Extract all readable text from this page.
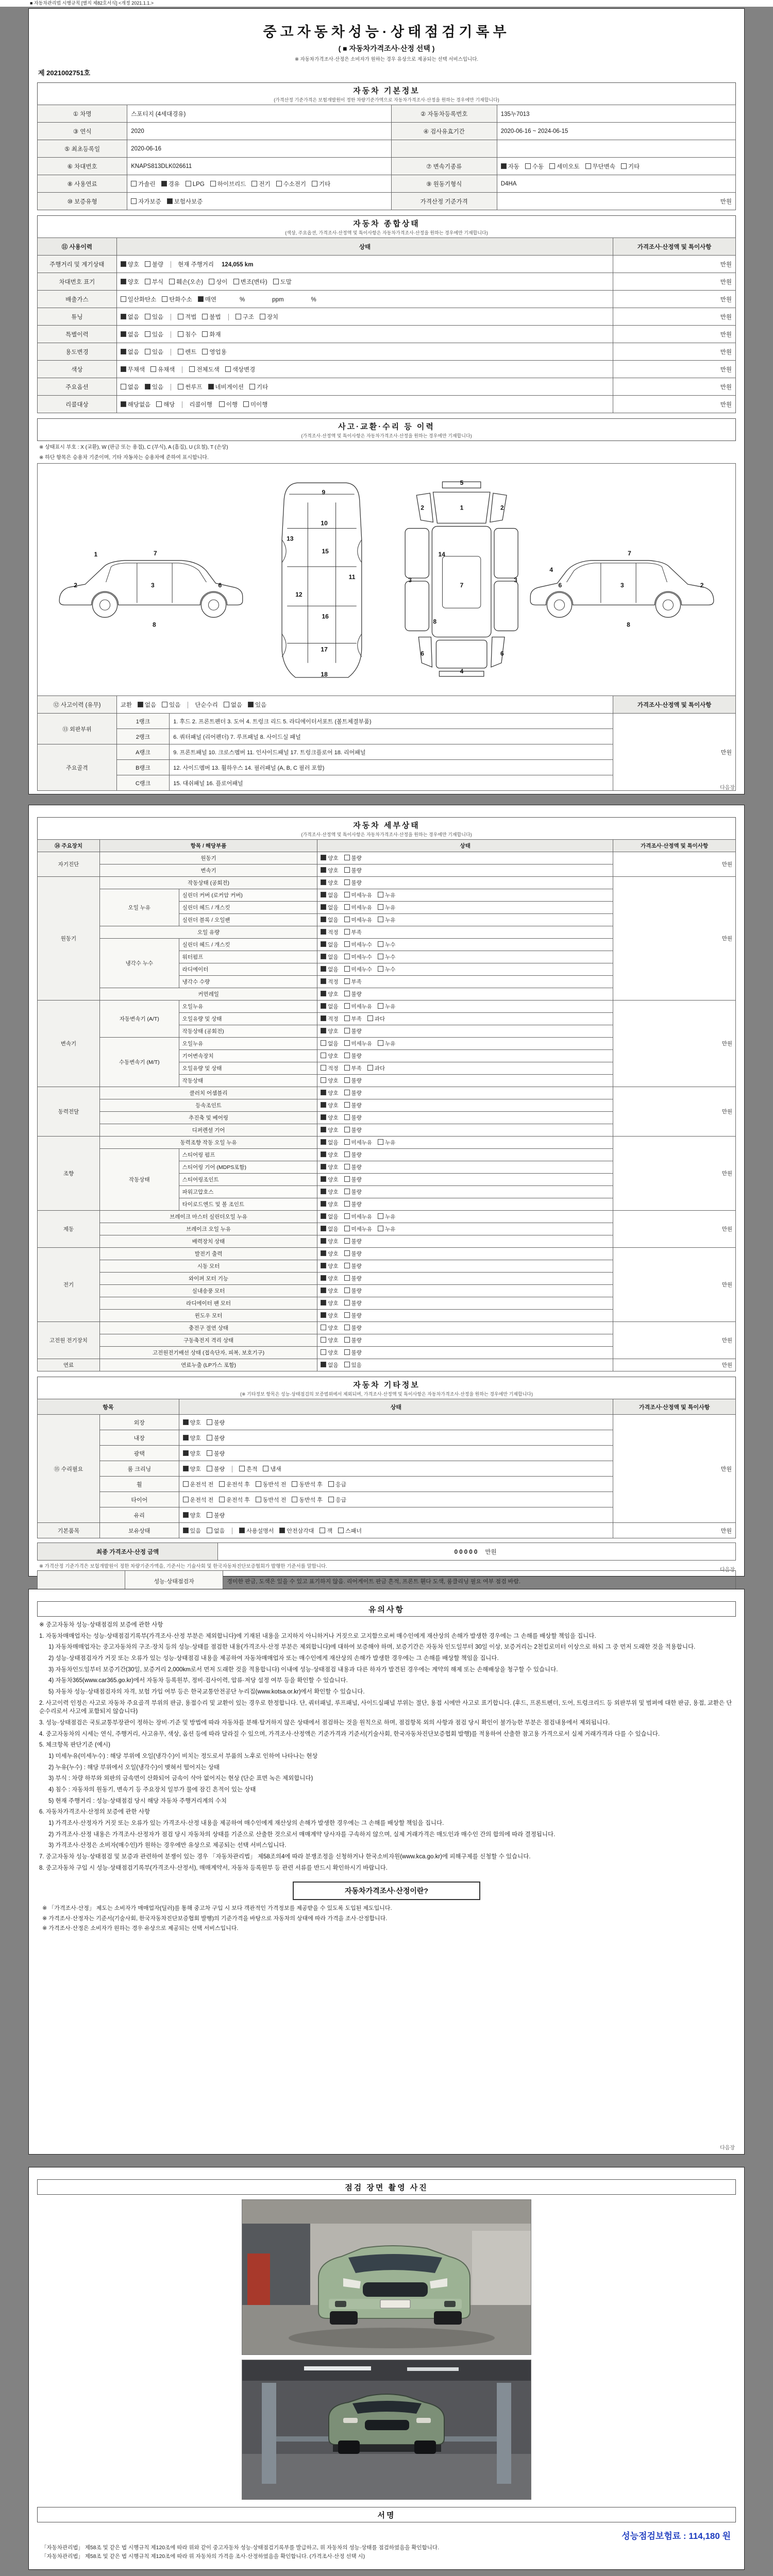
■ 자동차관리법 시행규칙 [별지 제82호서식] <개정 2021.1.1.>
중고자동차성능·상태점검기록부
( ■ 자동차가격조사·산정 선택 )
※ 자동차가격조사·산정은 소비자가 원하는 경우 유상으로 제공되는 선택 서비스입니다.
제 2021002751호
자동차 기본정보
(가격산정 기준가격은 보험개발원이 정한 차량기준가액으로 자동차가격조사·산정을 원하는 경우에만 기재합니다)
① 차명	스포티지 (4세대경유)	② 자동차등록번호	135누7013
③ 연식	2020	④ 검사유효기간	2020-06-16 ~ 2024-06-15
⑤ 최초등록일	2020-06-16		
⑥ 차대번호	KNAPS813DLK026611	⑦ 변속기종류	자동 수동 세미오토 무단변속 기타
⑧ 사용연료	가솔린 경유 LPG 하이브리드 전기 수소전기 기타	⑨ 원동기형식	D4HA
⑩ 보증유형	자가보증 보험사보증	가격산정 기준가격	만원
자동차 종합상태
(색상, 주요옵션, 가격조사·산정액 및 특이사항은 자동차가격조사·산정을 원하는 경우에만 기재합니다)
⑪ 사용이력	상태	가격조사·산정액 및 특이사항
주행거리 및 계기상태	양호 불량 현재 주행거리 124,055 km	만원
차대번호 표기	양호 부식 훼손(오손) 상이 변조(변타) 도말	만원
배출가스	일산화탄소 탄화수소 매연 % ppm %	만원
튜닝	없음 있음 적법 불법 구조 장치	만원
특별이력	없음 있음 침수 화재	만원
용도변경	없음 있음 렌트 영업용	만원
색상	무채색 유채색 전체도색 색상변경	만원
주요옵션	없음 있음 썬루프 네비게이션 기타	만원
리콜대상	해당없음 해당 리콜이행 이행 미이행	만원
사고·교환·수리 등 이력
(가격조사·산정액 및 특이사항은 자동차가격조사·산정을 원하는 경우에만 기재합니다)
※ 상태표시 부호 : X (교환), W (판금 또는 용접), C (부식), A (흠집), U (요철), T (손상)
※ 하단 항목은 승용차 기준이며, 기타 자동차는 승용차에 준하여 표시합니다.
1	7
2	3	6
8
9
10
13
15
11
12
16
17
18
5
1
2	2
14
3	3
7
8
6	6
4
4
6	3	2
7
8
⑫ 사고이력 (유무)	교환 없음 있음 단순수리 없음 있음	가격조사·산정액 및 특이사항
⑬ 외판부위	1랭크	1. 후드 2. 프론트펜더 3. 도어 4. 트렁크 리드 5. 라디에이터서포트 (볼트체결부품)	만원
	2랭크	6. 쿼터패널 (리어펜더) 7. 루프패널 8. 사이드실 패널	
주요골격	A랭크	9. 프론트패널 10. 크로스멤버 11. 인사이드패널 17. 트렁크플로어 18. 리어패널	
	B랭크	12. 사이드멤버 13. 휠하우스 14. 필러패널 (A, B, C 필러 포함)	
	C랭크	15. 대쉬패널 16. 플로어패널	
다음장
자동차 세부상태
(가격조사·산정액 및 특이사항은 자동차가격조사·산정을 원하는 경우에만 기재합니다)
⑭ 주요장치	항목 / 해당부품		상태	가격조사·산정액 및 특이사항
자기진단	원동기		양호 불량	만원
	변속기		양호 불량	
원동기	작동상태 (공회전)		양호 불량	만원
	오일 누유	실린더 커버 (로커암 커버)	없음 미세누유 누유	
		실린더 헤드 / 개스킷	없음 미세누유 누유	
		실린더 블록 / 오일팬	없음 미세누유 누유	
	오일 유량		적정 부족	
	냉각수 누수	실린더 헤드 / 개스킷	없음 미세누수 누수	
		워터펌프	없음 미세누수 누수	
		라디에이터	없음 미세누수 누수	
		냉각수 수량	적정 부족	
	커먼레일		양호 불량	
변속기	자동변속기 (A/T)	오일누유	없음 미세누유 누유	만원
		오일유량 및 상태	적정 부족 과다	
		작동상태 (공회전)	양호 불량	
	수동변속기 (M/T)	오일누유	없음 미세누유 누유	
		기어변속장치	양호 불량	
		오일유량 및 상태	적정 부족 과다	
		작동상태	양호 불량	
동력전달	클러치 어셈블리		양호 불량	만원
	등속조인트		양호 불량	
	추진축 및 베어링		양호 불량	
	디퍼렌셜 기어		양호 불량	
조향	동력조향 작동 오일 누유		없음 미세누유 누유	만원
	작동상태	스티어링 펌프	양호 불량	
		스티어링 기어 (MDPS포함)	양호 불량	
		스티어링조인트	양호 불량	
		파워고압호스	양호 불량	
		타이로드엔드 및 볼 조인트	양호 불량	
제동	브레이크 마스터 실린더오일 누유		없음 미세누유 누유	만원
	브레이크 오일 누유		없음 미세누유 누유	
	배력장치 상태		양호 불량	
전기	발전기 출력		양호 불량	만원
	시동 모터		양호 불량	
	와이퍼 모터 기능		양호 불량	
	실내송풍 모터		양호 불량	
	라디에이터 팬 모터		양호 불량	
	윈도우 모터		양호 불량	
고전원 전기장치	충전구 절연 상태		양호 불량	만원
	구동축전지 격리 상태		양호 불량	
	고전원전기배선 상태 (접속단자, 피복, 보호기구)		양호 불량	
연료	연료누출 (LP가스 포함)		없음 있음	만원
자동차 기타정보
(※ 기타정보 항목은 성능·상태점검의 보증범위에서 제외되며, 가격조사·산정액 및 특이사항은 자동차가격조사·산정을 원하는 경우에만 기재합니다)
항목		상태	가격조사·산정액 및 특이사항
⑮ 수리필요	외장	양호 불량	만원
	내장	양호 불량	
	광택	양호 불량	
	룸 크리닝	양호 불량 흔적 냄새	
	휠	운전석 전 운전석 후 동반석 전 동반석 후 응급	
	타이어	운전석 전 운전석 후 동반석 전 동반석 후 응급	
	유리	양호 불량	
기본품목	보유상태	있음 없음 사용설명서 안전삼각대 잭 스패너	만원
최종 가격조사·산정 금액	0 0 0 0 0 만원
※ 가격산정 기준가격은 보험개발원이 정한 차량기준가액을, 기준서는 기술사회 및 한국자동차진단보증협회가 발행한 기준서를 말합니다.
	성능·상태점검자	경미한 판금, 도색은 있을 수 있고 표기하지 않음. 리어게이트 판금 흔적, 프론트 휀다 도색, 룸클리닝 필요 여부 점검 바람.

다음장
유의사항

※ 중고자동차 성능·상태점검의 보증에 관한 사항

1. 자동차매매업자는 성능·상태점검기록부(가격조사·산정 부분은 제외합니다)에 기재된 내용을 고지하지 아니하거나 거짓으로 고지함으로써 매수인에게 재산상의 손해가 발생한 경우에는 그 손해를 배상할 책임을 집니다.

1) 자동차매매업자는 중고자동차의 구조·장치 등의 성능·상태를 점검한 내용(가격조사·산정 부분은 제외합니다)에 대하여 보증해야 하며, 보증기간은 자동차 인도일부터 30일 이상, 보증거리는 2천킬로미터 이상으로 하되 그 중 먼저 도래한 것을 적용합니다.

2) 성능·상태점검자가 거짓 또는 오류가 있는 성능·상태점검 내용을 제공하여 자동차매매업자 또는 매수인에게 재산상의 손해가 발생한 경우에는 그 손해를 배상할 책임을 집니다.

3) 자동차인도일부터 보증기간(30일, 보증거리 2,000km로서 먼저 도래한 것을 적용합니다) 이내에 성능·상태점검 내용과 다른 하자가 발견된 경우에는 계약의 해제 또는 손해배상을 청구할 수 있습니다.

4) 자동차365(www.car365.go.kr)에서 자동차 등록원부, 정비·검사이력, 압류·저당 설정 여부 등을 확인할 수 있습니다.

5) 자동차 성능·상태점검자의 자격, 보험 가입 여부 등은 한국교통안전공단 누리집(www.kotsa.or.kr)에서 확인할 수 있습니다.

2. 사고이력 인정은 사고로 자동차 주요골격 부위의 판금, 용접수리 및 교환이 있는 경우로 한정합니다. 단, 쿼터패널, 루프패널, 사이드실패널 부위는 절단, 용접 시에만 사고로 표기합니다. (후드, 프론트펜더, 도어, 트렁크리드 등 외판부위 및 범퍼에 대한 판금, 용접, 교환은 단순수리로서 사고에 포함되지 않습니다)

3. 성능·상태점검은 국토교통부장관이 정하는 장비·기준 및 방법에 따라 자동차를 분해·탈거하지 않은 상태에서 점검하는 것을 원칙으로 하며, 점검항목 외의 사항과 점검 당시 확인이 불가능한 부분은 점검내용에서 제외됩니다.

4. 중고자동차의 시세는 연식, 주행거리, 사고유무, 색상, 옵션 등에 따라 달라질 수 있으며, 가격조사·산정액은 기준가격과 기준서(기술사회, 한국자동차진단보증협회 발행)를 적용하여 산출한 참고용 가격으로서 실제 거래가격과 다를 수 있습니다.

5. 체크항목 판단기준 (예시)

1) 미세누유(미세누수) : 해당 부위에 오일(냉각수)이 비치는 정도로서 부품의 노후로 인하여 나타나는 현상

2) 누유(누수) : 해당 부위에서 오일(냉각수)이 맺혀서 떨어지는 상태

3) 부식 : 차량 하부와 외판의 금속면이 산화되어 금속이 삭아 없어지는 현상 (단순 표면 녹은 제외합니다)

4) 침수 : 자동차의 원동기, 변속기 등 주요장치 일부가 물에 잠긴 흔적이 있는 상태

5) 현재 주행거리 : 성능·상태점검 당시 해당 자동차 주행거리계의 수치

6. 자동차가격조사·산정의 보증에 관한 사항

1) 가격조사·산정자가 거짓 또는 오류가 있는 가격조사·산정 내용을 제공하여 매수인에게 재산상의 손해가 발생한 경우에는 그 손해를 배상할 책임을 집니다.

2) 가격조사·산정 내용은 가격조사·산정자가 점검 당시 자동차의 상태를 기준으로 산출한 것으로서 매매계약 당사자를 구속하지 않으며, 실제 거래가격은 매도인과 매수인 간의 합의에 따라 결정됩니다.

3) 가격조사·산정은 소비자(매수인)가 원하는 경우에만 유상으로 제공되는 선택 서비스입니다.

7. 중고자동차 성능·상태점검 및 보증과 관련하여 분쟁이 있는 경우 「자동차관리법」 제58조의4에 따라 분쟁조정을 신청하거나 한국소비자원(www.kca.go.kr)에 피해구제를 신청할 수 있습니다.

8. 중고자동차 구입 시 성능·상태점검기록부(가격조사·산정서), 매매계약서, 자동차 등록원부 등 관련 서류를 반드시 확인하시기 바랍니다.

자동차가격조사·산정이란?
※ 「가격조사·산정」 제도는 소비자가 매매업자(딜러)를 통해 중고차 구입 시 보다 객관적인 가격정보를 제공받을 수 있도록 도입된 제도입니다.
※ 가격조사·산정자는 기준서(기술사회, 한국자동차진단보증협회 발행)의 기준가격을 바탕으로 자동차의 상태에 따라 가격을 조사·산정합니다.
※ 가격조사·산정은 소비자가 원하는 경우 유상으로 제공되는 선택 서비스입니다.
다음장
점검 장면 촬영 사진
서명
성능점검보험료 : 114,180 원
「자동차관리법」 제58조 및 같은 법 시행규칙 제120조에 따라 위와 같이 중고자동차 성능·상태점검기록부를 발급하고, 위 자동차의 성능·상태를 점검하였음을 확인합니다.
「자동차관리법」 제58조 및 같은 법 시행규칙 제120조에 따라 위 자동차의 가격을 조사·산정하였음을 확인합니다. (가격조사·산정 선택 시)
